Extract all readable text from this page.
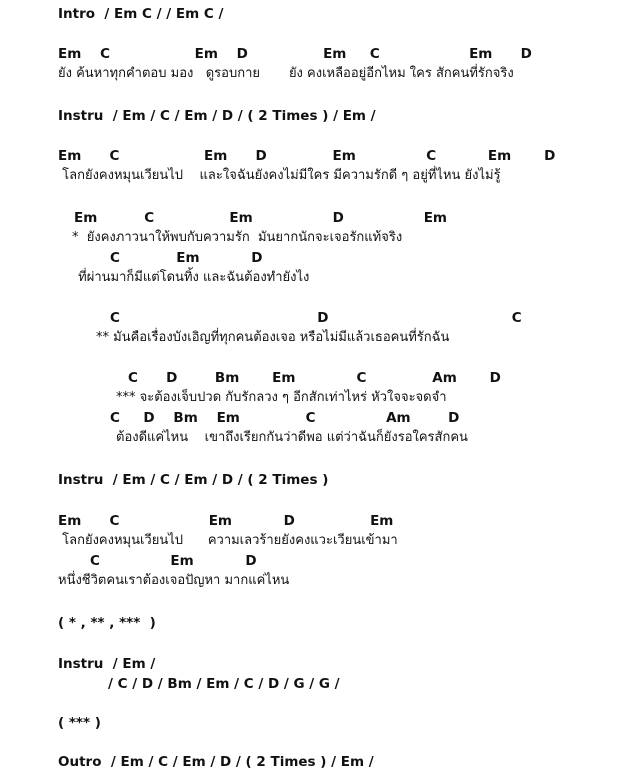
Intro  / Em C / / Em C /
Em    C                  Em    D                Em     C                   Em      D
ยัง ค้นหาทุกคำตอบ มอง   ดูรอบกาย       ยัง คงเหลืออยู่อีกไหม ใคร สักคนที่รักจริง
Instru  / Em / C / Em / D / ( 2 Times ) / Em /
Em      C                  Em      D              Em               C           Em       D
โลกยังคงหมุนเวียนไป    และใจฉันยังคงไม่มีใคร มีความรักดี ๆ อยู่ที่ไหน ยังไม่รู้
Em          C                Em                 D                 Em
*  ยังคงภาวนาให้พบกับความรัก  มันยากนักจะเจอรักแท้จริง
C            Em           D
ที่ผ่านมาก็มีแต่โดนทิ้ง และฉันต้องทำยังไง
C                                          D                                       C
** มันคือเรื่องบังเอิญที่ทุกคนต้องเจอ หรือไม่มีแล้วเธอคนที่รักฉัน
C      D        Bm       Em             C              Am       D
*** จะต้องเจ็บปวด กับรักลวง ๆ อีกสักเท่าไหร่ หัวใจจะจดจำ
C     D    Bm    Em              C               Am        D
ต้องดีแค่ไหน    เขาถึงเรียกกันว่าดีพอ แต่ว่าฉันก็ยังรอใครสักคน
Instru  / Em / C / Em / D / ( 2 Times )
Em      C                   Em           D                Em
โลกยังคงหมุนเวียนไป      ความเลวร้ายยังคงแวะเวียนเข้ามา
C               Em           D
หนึ่งชีวิตคนเราต้องเจอปัญหา มากแค่ไหน
( * , ** , ***  )
Instru  / Em /
/ C / D / Bm / Em / C / D / G / G /
( *** )
Outro  / Em / C / Em / D / ( 2 Times ) / Em /
